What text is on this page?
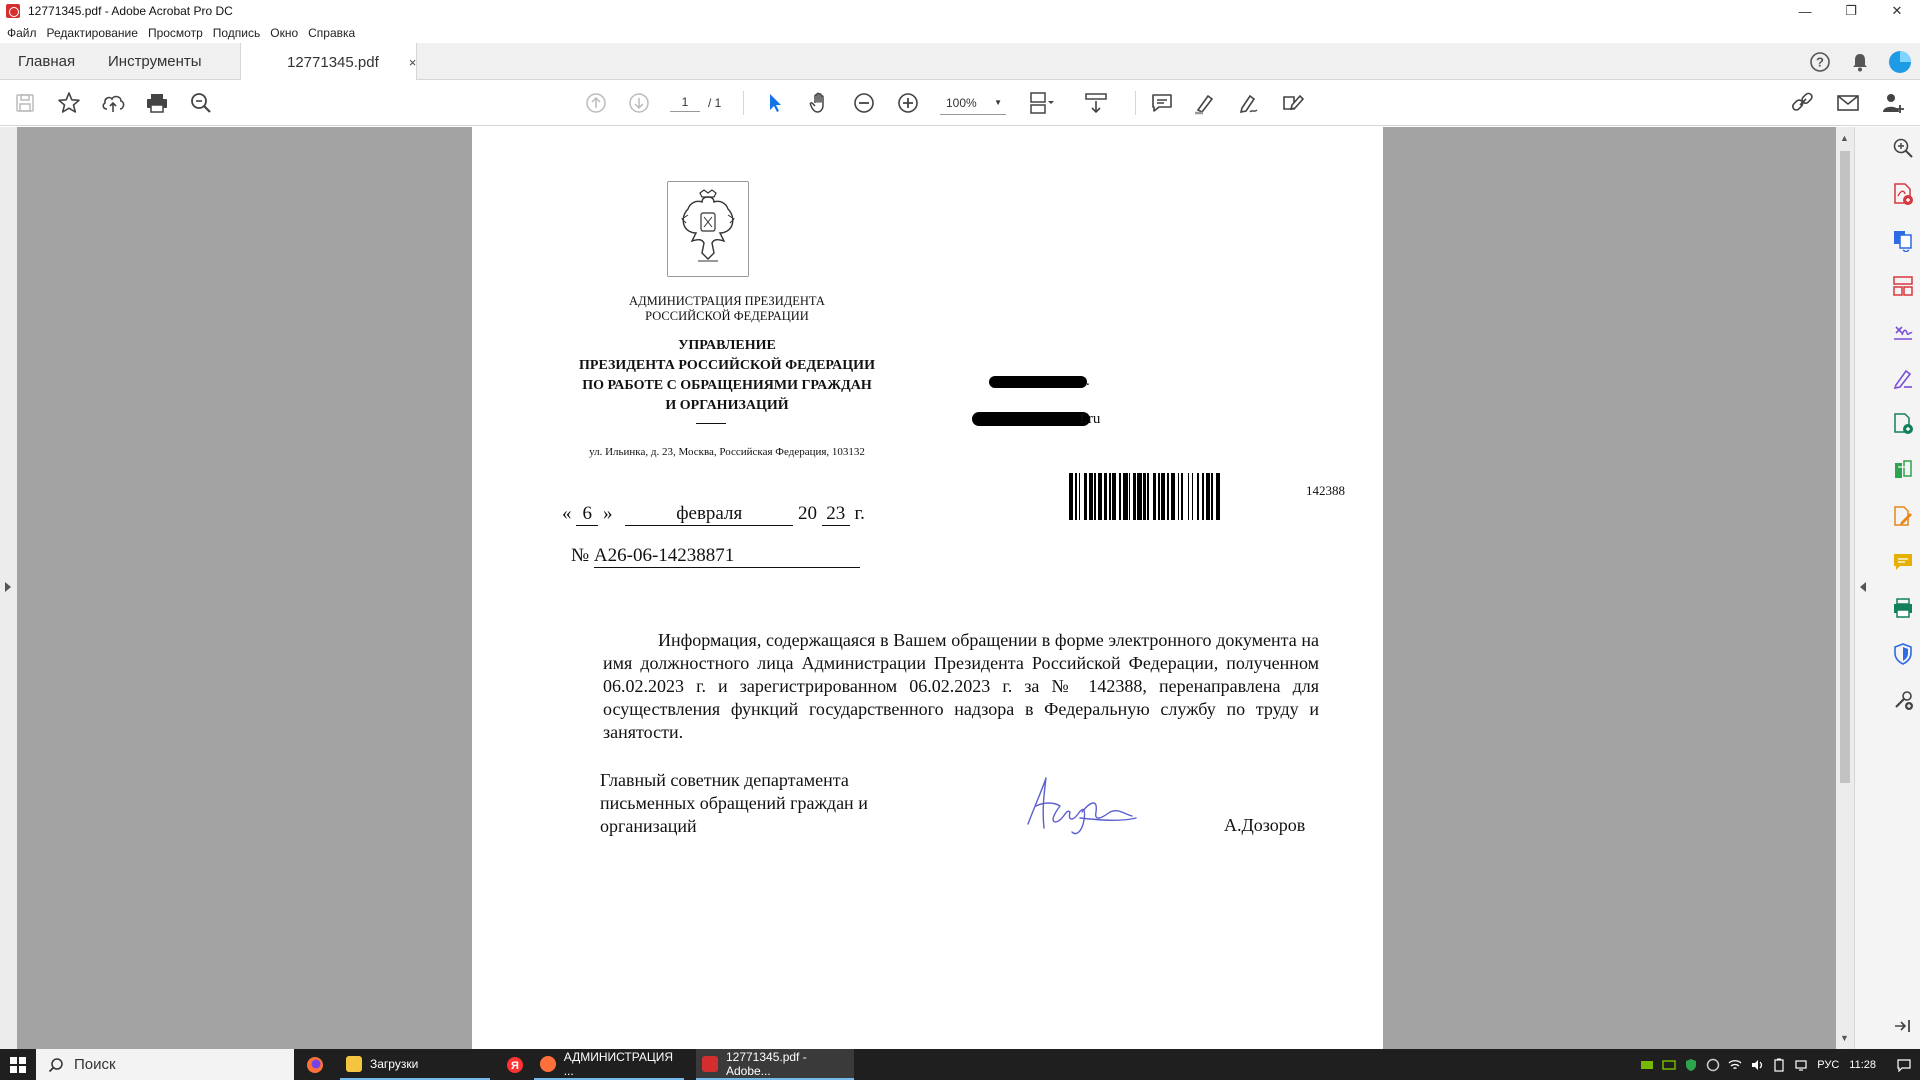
12771345.pdf - Adobe Acrobat Pro DC	—	❐	✕
Файл Редактирование Просмотр Подпись Окно Справка
Главная Инструменты	12771345.pdf ×	?
1	/ 1	100% ▼
АДМИНИСТРАЦИЯ ПРЕЗИДЕНТА
РОССИЙСКОЙ ФЕДЕРАЦИИ
УПРАВЛЕНИЕ
ПРЕЗИДЕНТА РОССИЙСКОЙ ФЕДЕРАЦИИ
ПО РАБОТЕ С ОБРАЩЕНИЯМИ ГРАЖДАН
И ОРГАНИЗАЦИЙ
ул. Ильинка, д. 23, Москва, Российская Федерация, 103132
.
l.ru
142388
« 6 »	февраля	20 23 г.
№ А26-06-14238871
Информация, содержащаяся в Вашем обращении в форме электронного документа на имя должностного лица Администрации Президента Российской Федерации, полученном 06.02.2023 г. и зарегистрированном 06.02.2023 г. за № 142388, перенаправлена для осуществления функций государственного надзора в Федеральную службу по труду и занятости.
Главный советник департамента
письменных обращений граждан и
организаций	А.Дозоров
▲
▼
Поиск	Загрузки	Я
АДМИНИСТРАЦИЯ ...
12771345.pdf - Adobe...	РУС 11:28
